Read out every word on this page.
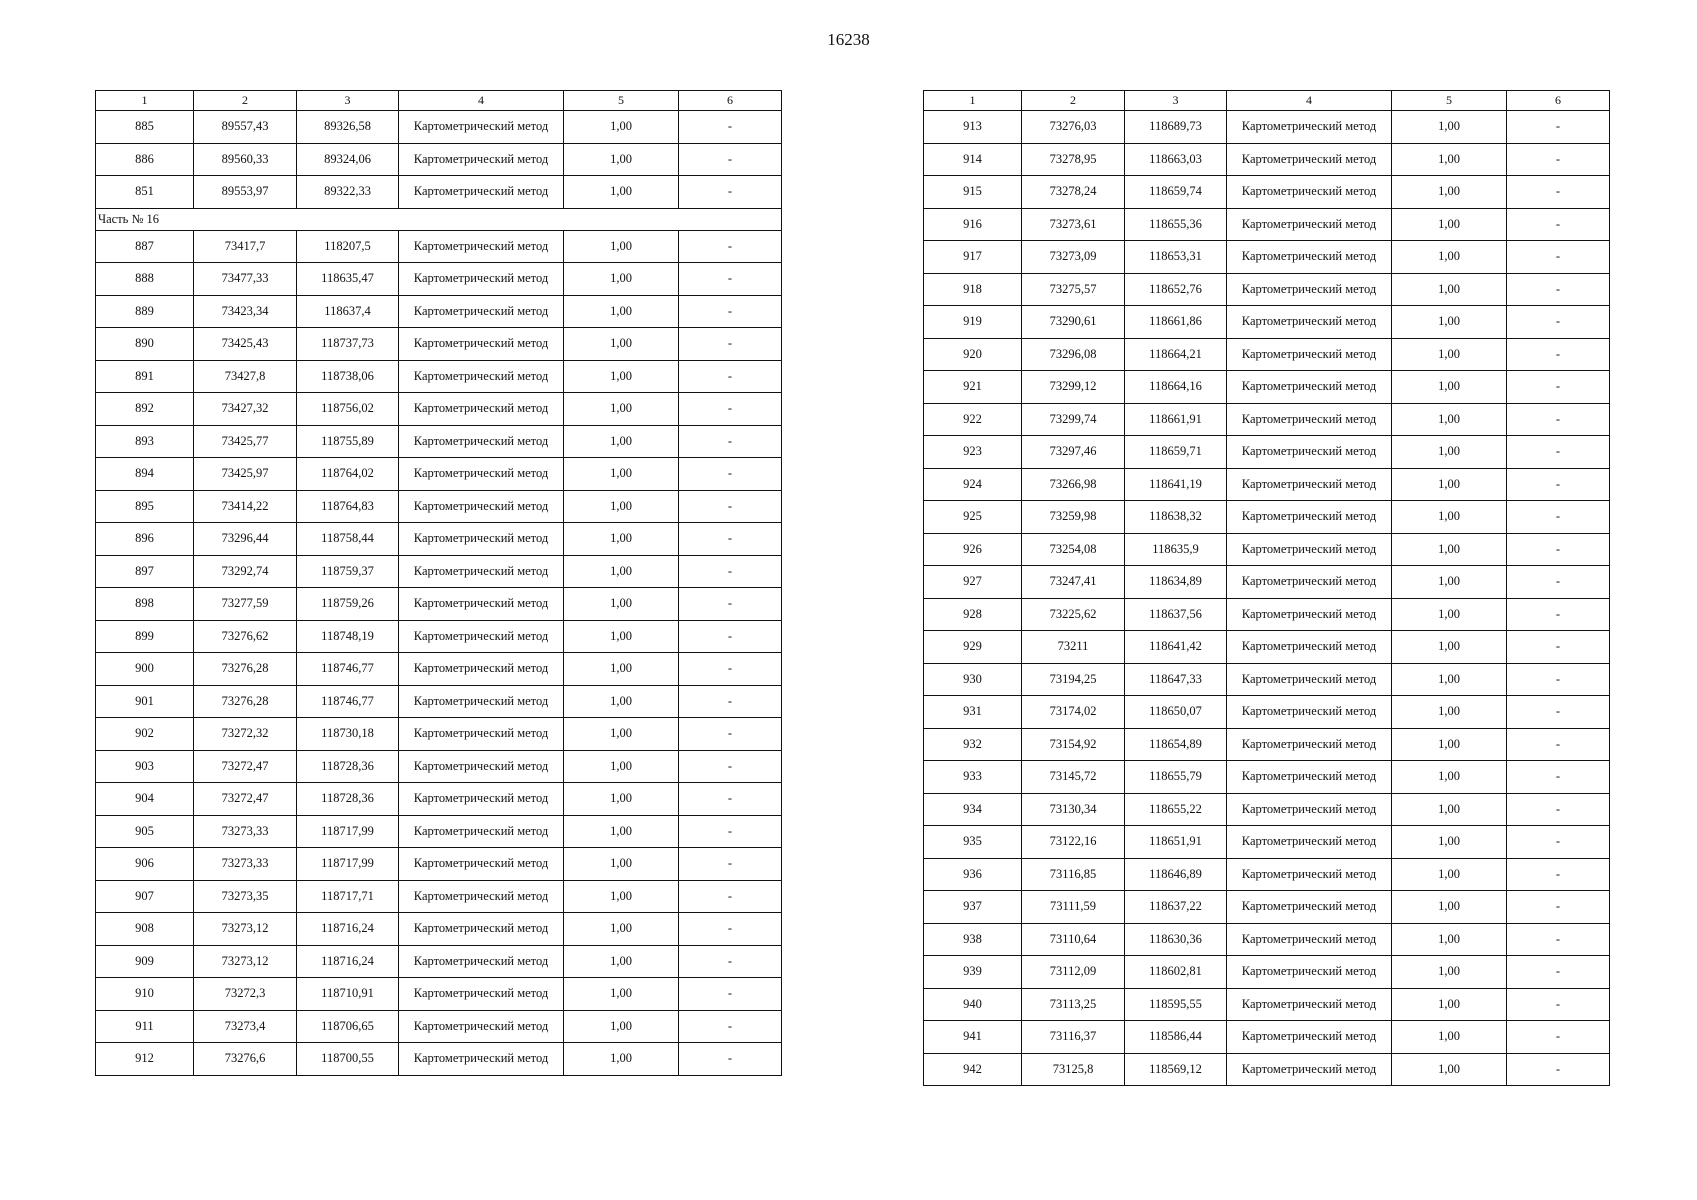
16238
1	2	3	4	5	6
885	89557,43	89326,58	Картометрический метод	1,00	-
886	89560,33	89324,06	Картометрический метод	1,00	-
851	89553,97	89322,33	Картометрический метод	1,00	-
Часть № 16					
887	73417,7	118207,5	Картометрический метод	1,00	-
888	73477,33	118635,47	Картометрический метод	1,00	-
889	73423,34	118637,4	Картометрический метод	1,00	-
890	73425,43	118737,73	Картометрический метод	1,00	-
891	73427,8	118738,06	Картометрический метод	1,00	-
892	73427,32	118756,02	Картометрический метод	1,00	-
893	73425,77	118755,89	Картометрический метод	1,00	-
894	73425,97	118764,02	Картометрический метод	1,00	-
895	73414,22	118764,83	Картометрический метод	1,00	-
896	73296,44	118758,44	Картометрический метод	1,00	-
897	73292,74	118759,37	Картометрический метод	1,00	-
898	73277,59	118759,26	Картометрический метод	1,00	-
899	73276,62	118748,19	Картометрический метод	1,00	-
900	73276,28	118746,77	Картометрический метод	1,00	-
901	73276,28	118746,77	Картометрический метод	1,00	-
902	73272,32	118730,18	Картометрический метод	1,00	-
903	73272,47	118728,36	Картометрический метод	1,00	-
904	73272,47	118728,36	Картометрический метод	1,00	-
905	73273,33	118717,99	Картометрический метод	1,00	-
906	73273,33	118717,99	Картометрический метод	1,00	-
907	73273,35	118717,71	Картометрический метод	1,00	-
908	73273,12	118716,24	Картометрический метод	1,00	-
909	73273,12	118716,24	Картометрический метод	1,00	-
910	73272,3	118710,91	Картометрический метод	1,00	-
911	73273,4	118706,65	Картометрический метод	1,00	-
912	73276,6	118700,55	Картометрический метод	1,00	-
1	2	3	4	5	6
913	73276,03	118689,73	Картометрический метод	1,00	-
914	73278,95	118663,03	Картометрический метод	1,00	-
915	73278,24	118659,74	Картометрический метод	1,00	-
916	73273,61	118655,36	Картометрический метод	1,00	-
917	73273,09	118653,31	Картометрический метод	1,00	-
918	73275,57	118652,76	Картометрический метод	1,00	-
919	73290,61	118661,86	Картометрический метод	1,00	-
920	73296,08	118664,21	Картометрический метод	1,00	-
921	73299,12	118664,16	Картометрический метод	1,00	-
922	73299,74	118661,91	Картометрический метод	1,00	-
923	73297,46	118659,71	Картометрический метод	1,00	-
924	73266,98	118641,19	Картометрический метод	1,00	-
925	73259,98	118638,32	Картометрический метод	1,00	-
926	73254,08	118635,9	Картометрический метод	1,00	-
927	73247,41	118634,89	Картометрический метод	1,00	-
928	73225,62	118637,56	Картометрический метод	1,00	-
929	73211	118641,42	Картометрический метод	1,00	-
930	73194,25	118647,33	Картометрический метод	1,00	-
931	73174,02	118650,07	Картометрический метод	1,00	-
932	73154,92	118654,89	Картометрический метод	1,00	-
933	73145,72	118655,79	Картометрический метод	1,00	-
934	73130,34	118655,22	Картометрический метод	1,00	-
935	73122,16	118651,91	Картометрический метод	1,00	-
936	73116,85	118646,89	Картометрический метод	1,00	-
937	73111,59	118637,22	Картометрический метод	1,00	-
938	73110,64	118630,36	Картометрический метод	1,00	-
939	73112,09	118602,81	Картометрический метод	1,00	-
940	73113,25	118595,55	Картометрический метод	1,00	-
941	73116,37	118586,44	Картометрический метод	1,00	-
942	73125,8	118569,12	Картометрический метод	1,00	-
